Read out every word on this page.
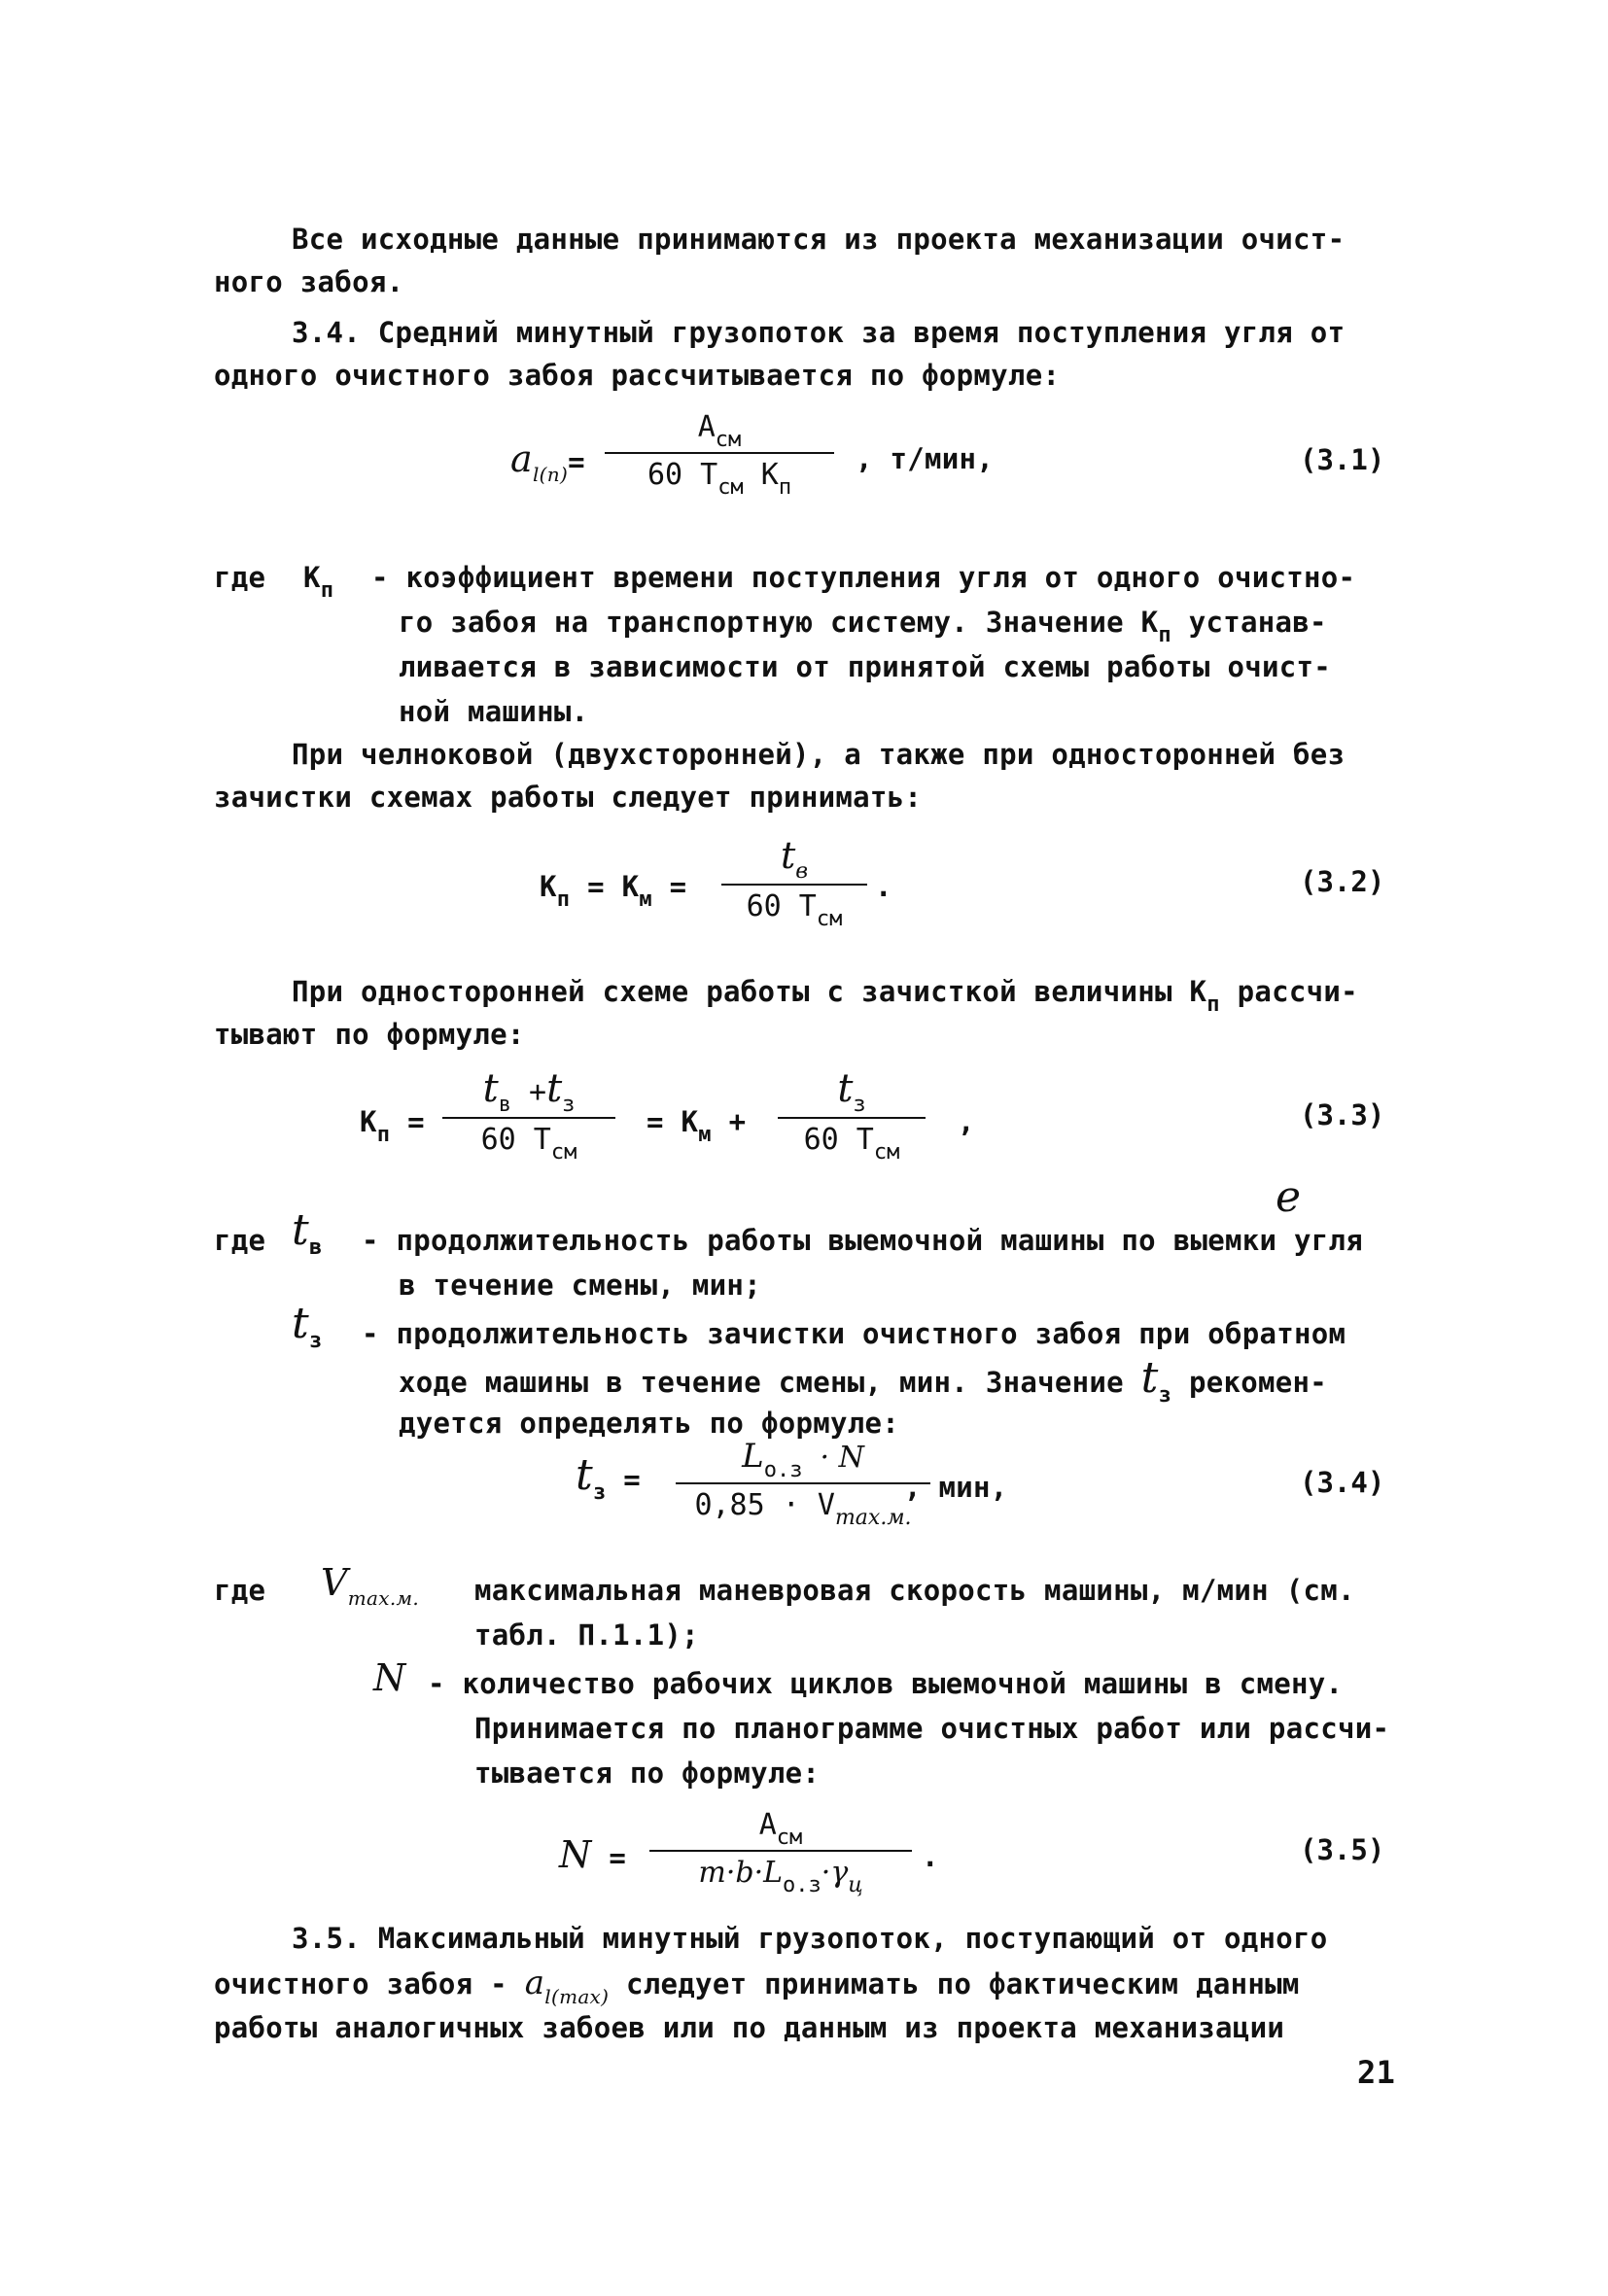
Все исходные данные принимаются из проекта механизации очист-
ного забоя.
3.4. Средний минутный грузопоток за время поступления угля от
одного очистного забоя рассчитывается по формуле:
$a_{l(n)}=$
$A_{см}$
60 $T_{см}$ $K_п$
, т/мин,	(3.1)
где $K_п$ - коэффициент времени поступления угля от одного очистно-
го забоя на транспортную систему. Значение $K_п$ устанав-
ливается в зависимости от принятой схемы работы очист-
ной машины.
При челноковой (двухсторонней), а также при односторонней без
зачистки схемах работы следует принимать:
$K_п = K_м$ =
$t_в$
60 $T_{см}$
.	(3.2)
При односторонней схеме работы с зачисткой величины $K_п$ рассчи-
тывают по формуле:
$K_п$ =
$t_в +t_з$
60 $T_{см}$
= $K_м$ +
$t_з$
60 $T_{см}$
,	(3.3)
где $t_в$ - продолжительность работы выемочной машины по выемки угля
е
в течение смены, мин;
$t_з$ - продолжительность зачистки очистного забоя при обратном
ходе машины в течение смены, мин. Значение $t_з$ рекомен-
дуется определять по формуле:
$t_з$ =
$L_{о.з} \cdot N$
$0,85 \cdot V_{max.м.}$
, мин,	(3.4)
где $V_{max.м.}$ максимальная маневровая скорость машины, м/мин (см.
табл. П.1.1);
N - количество рабочих циклов выемочной машины в смену.
Принимается по планограмме очистных работ или рассчи-
тывается по формуле:
N =
$A_{см}$
$m\cdot b\cdot L_{о.з}\cdot\gamma_ц$
.	(3.5)
3.5. Максимальный минутный грузопоток, поступающий от одного
очистного забоя - $a_{l(max)}$ следует принимать по фактическим данным
работы аналогичных забоев или по данным из проекта механизации
21
